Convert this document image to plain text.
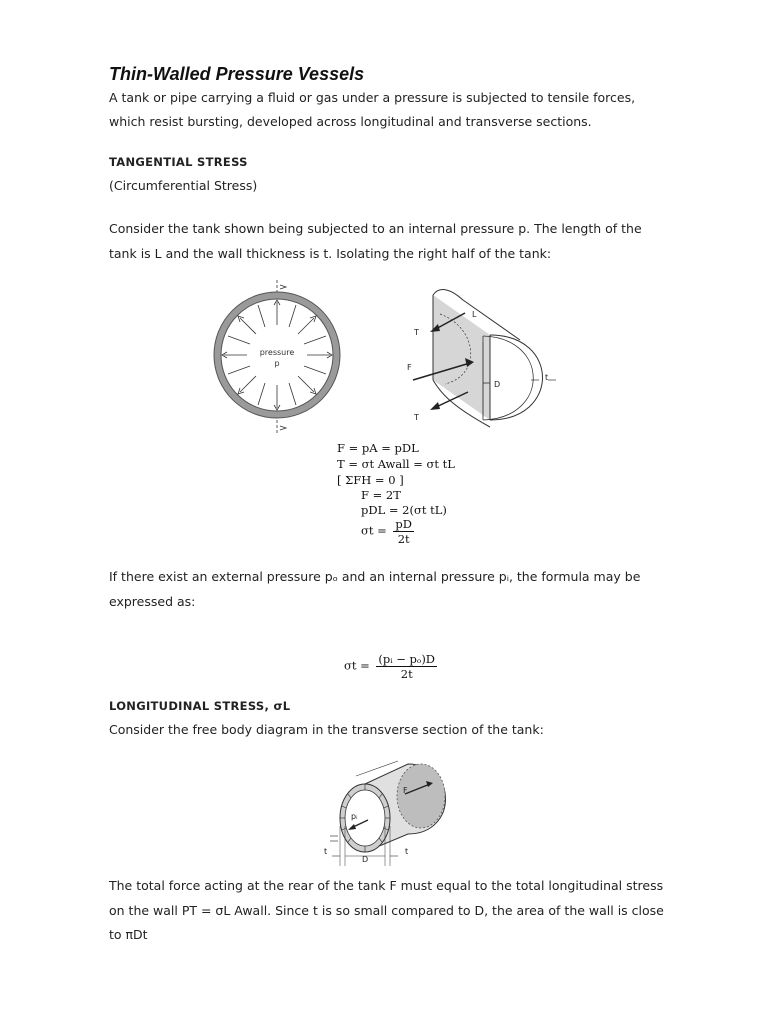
Thin-Walled Pressure Vessels
A tank or pipe carrying a fluid or gas under a pressure is subjected to tensile forces,
which resist bursting, developed across longitudinal and transverse sections.
TANGENTIAL STRESS
(Circumferential Stress)
Consider the tank shown being subjected to an internal pressure p. The length of the
tank is L and the wall thickness is t. Isolating the right half of the tank:
pressure
p
T
T
F
L
D
t
F = pA = pDL
T = σt Awall = σt tL
[ ΣFH = 0 ]
F = 2T
pDL = 2(σt tL)
$\sigma t = \frac{pD}{2t}$
If there exist an external pressure pₒ and an internal pressure pᵢ, the formula may be
expressed as:
$\sigma t = \frac{\text{(pᵢ − pₒ)D}}{2t}$
LONGITUDINAL STRESS, σL
Consider the free body diagram in the transverse section of the tank:
F
pᵢ
t
D
t
The total force acting at the rear of the tank F must equal to the total longitudinal stress
on the wall PT = σL Awall. Since t is so small compared to D, the area of the wall is close
to πDt
